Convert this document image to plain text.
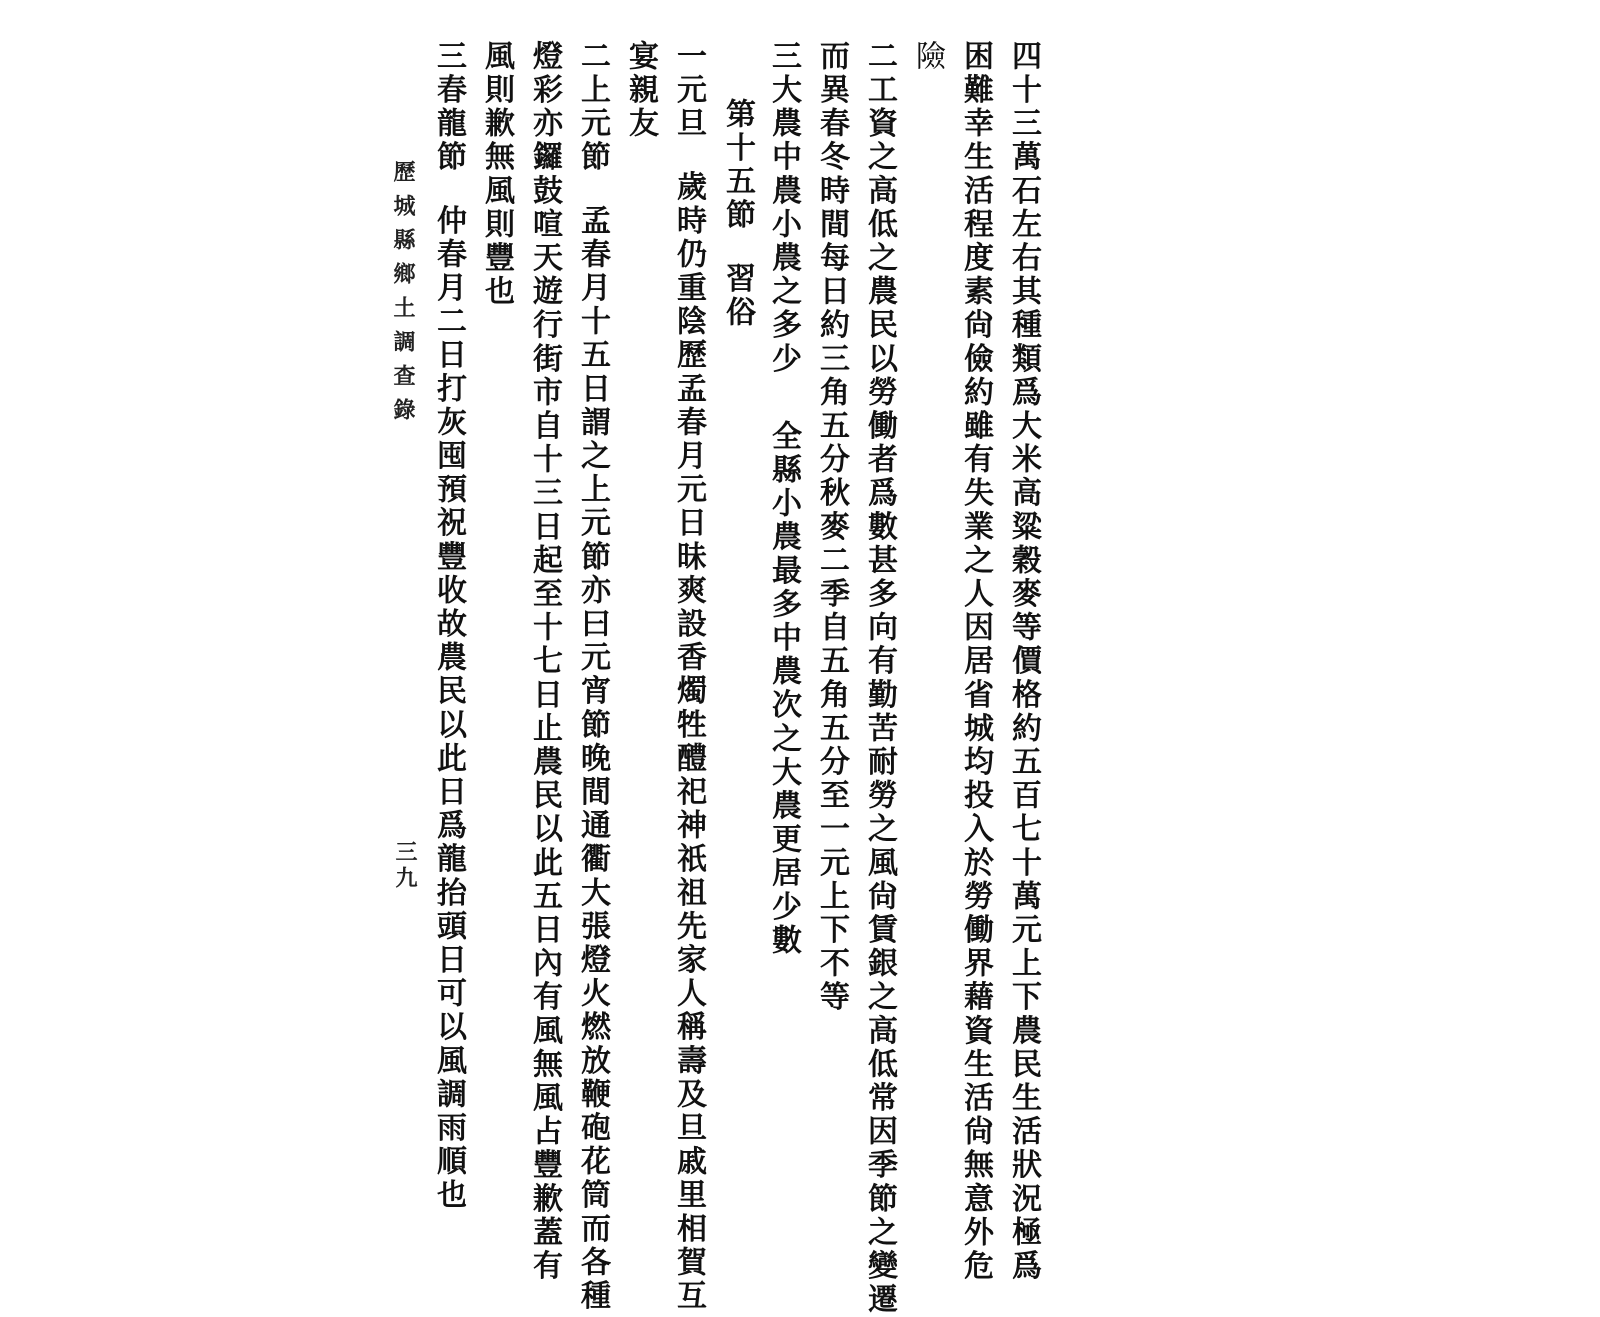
四十三萬石左右其種類爲大米高粱穀麥等價格約五百七十萬元上下農民生活狀況極爲
困難幸生活程度素尙儉約雖有失業之人因居省城均投入於勞働界藉資生活尙無意外危
險
二工資之高低之農民以勞働者爲數甚多向有勤苦耐勞之風尙賃銀之高低常因季節之變遷
而異春冬時間每日約三角五分秋麥二季自五角五分至一元上下不等
三大農中農小農之多少全縣小農最多中農次之大農更居少數
第十五節習俗
一元旦歲時仍重陰歷孟春月元日昧爽設香燭牲醴祀神祇祖先家人稱壽及旦戚里相賀互
宴親友
二上元節孟春月十五日謂之上元節亦曰元宵節晚間通衢大張燈火燃放鞭砲花筒而各種
燈彩亦鑼鼓喧天遊行街市自十三日起至十七日止農民以此五日內有風無風占豐歉蓋有
風則歉無風則豐也
三春龍節仲春月二日打灰囤預祝豐收故農民以此日爲龍抬頭日可以風調雨順也
歷城縣鄉土調查錄
三九
